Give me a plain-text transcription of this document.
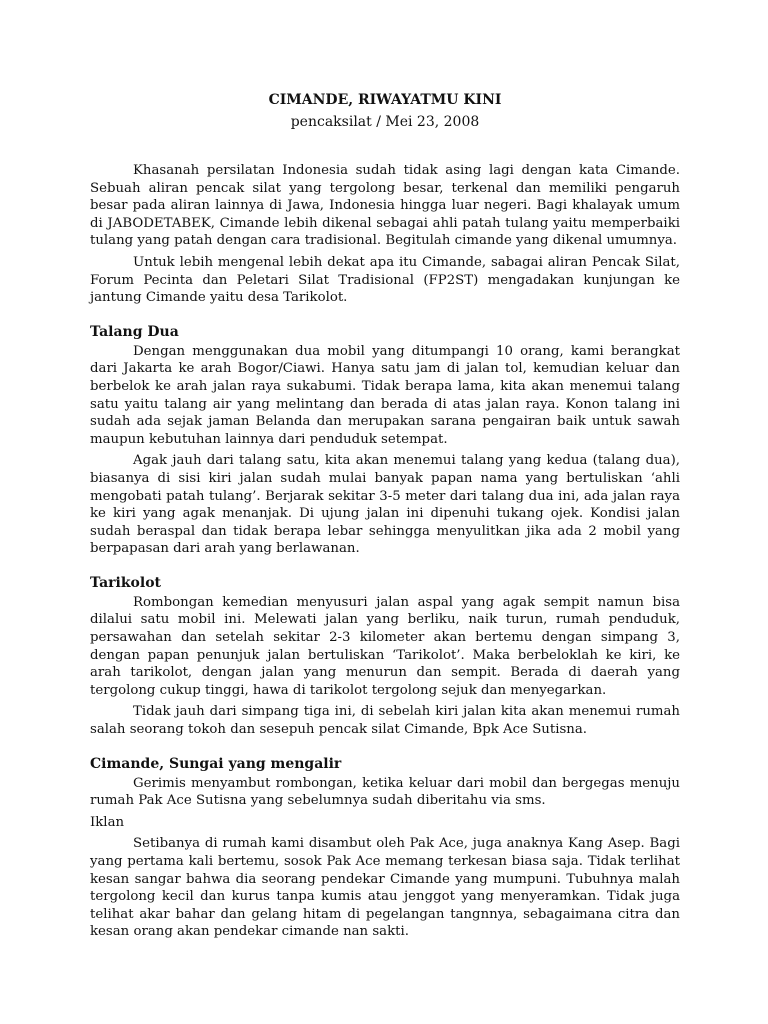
CIMANDE, RIWAYATMU KINI

pencaksilat / Mei 23, 2008

Khasanah persilatan Indonesia sudah tidak asing lagi dengan kata Cimande. Sebuah aliran pencak silat yang tergolong besar, terkenal dan memiliki pengaruh besar pada aliran lainnya di Jawa, Indonesia hingga luar negeri. Bagi khalayak umum di JABODETABEK, Cimande lebih dikenal sebagai ahli patah tulang yaitu memperbaiki tulang yang patah dengan cara tradisional. Begitulah cimande yang dikenal umumnya.

Untuk lebih mengenal lebih dekat apa itu Cimande, sabagai aliran Pencak Silat, Forum Pecinta dan Peletari Silat Tradisional (FP2ST) mengadakan kunjungan ke jantung Cimande yaitu desa Tarikolot.

Talang Dua

Dengan menggunakan dua mobil yang ditumpangi 10 orang, kami berangkat dari Jakarta ke arah Bogor/Ciawi. Hanya satu jam di jalan tol, kemudian keluar dan berbelok ke arah jalan raya sukabumi. Tidak berapa lama, kita akan menemui talang satu yaitu talang air yang melintang dan berada di atas jalan raya. Konon talang ini sudah ada sejak jaman Belanda dan merupakan sarana pengairan baik untuk sawah maupun kebutuhan lainnya dari penduduk setempat.

Agak jauh dari talang satu, kita akan menemui talang yang kedua (talang dua), biasanya di sisi kiri jalan sudah mulai banyak papan nama yang bertuliskan ‘ahli mengobati patah tulang’. Berjarak sekitar 3-5 meter dari talang dua ini, ada jalan raya ke kiri yang agak menanjak. Di ujung jalan ini dipenuhi tukang ojek. Kondisi jalan sudah beraspal dan tidak berapa lebar sehingga menyulitkan jika ada 2 mobil yang berpapasan dari arah yang berlawanan.

Tarikolot

Rombongan kemedian menyusuri jalan aspal yang agak sempit namun bisa dilalui satu mobil ini. Melewati jalan yang berliku, naik turun, rumah penduduk, persawahan dan setelah sekitar 2-3 kilometer akan bertemu dengan simpang 3, dengan papan penunjuk jalan bertuliskan ‘Tarikolot’. Maka berbeloklah ke kiri, ke arah tarikolot, dengan jalan yang menurun dan sempit. Berada di daerah yang tergolong cukup tinggi, hawa di tarikolot tergolong sejuk dan menyegarkan.

Tidak jauh dari simpang tiga ini, di sebelah kiri jalan kita akan menemui rumah salah seorang tokoh dan sesepuh pencak silat Cimande, Bpk Ace Sutisna.

Cimande, Sungai yang mengalir

Gerimis menyambut rombongan, ketika keluar dari mobil dan bergegas menuju rumah Pak Ace Sutisna yang sebelumnya sudah diberitahu via sms.

Iklan

Setibanya di rumah kami disambut oleh Pak Ace, juga anaknya Kang Asep. Bagi yang pertama kali bertemu, sosok Pak Ace memang terkesan biasa saja. Tidak terlihat kesan sangar bahwa dia seorang pendekar Cimande yang mumpuni. Tubuhnya malah tergolong kecil dan kurus tanpa kumis atau jenggot yang menyeramkan. Tidak juga telihat akar bahar dan gelang hitam di pegelangan tangnnya, sebagaimana citra dan kesan orang akan pendekar cimande nan sakti.
